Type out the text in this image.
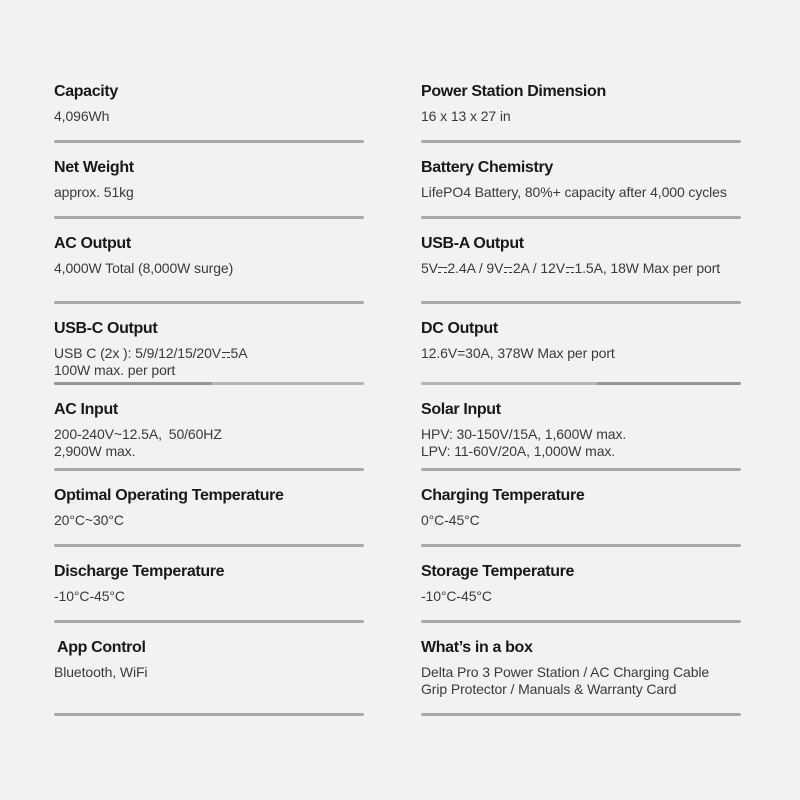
Capacity

4,096Wh

Power Station Dimension

16 x 13 x 27 in

Net Weight

approx. 51kg

Battery Chemistry

LifePO4 Battery, 80%+ capacity after 4,000 cycles

AC Output

4,000W Total (8,000W surge)

USB-A Output

5V 2.4A / 9V 2A / 12V 1.5A, 18W Max per port

USB-C Output

USB C (2x ): 5/9/12/15/20V 5A

100W max. per port

DC Output

12.6V=30A, 378W Max per port

AC Input

200-240V~12.5A, 50/60HZ

2,900W max.

Solar Input

HPV: 30-150V/15A, 1,600W max.

LPV: 11-60V/20A, 1,000W max.

Optimal Operating Temperature

20°C~30°C

Charging Temperature

0°C-45°C

Discharge Temperature

-10°C-45°C

Storage Temperature

-10°C-45°C

App Control

Bluetooth, WiFi

What’s in a box

Delta Pro 3 Power Station / AC Charging Cable

Grip Protector / Manuals & Warranty Card
